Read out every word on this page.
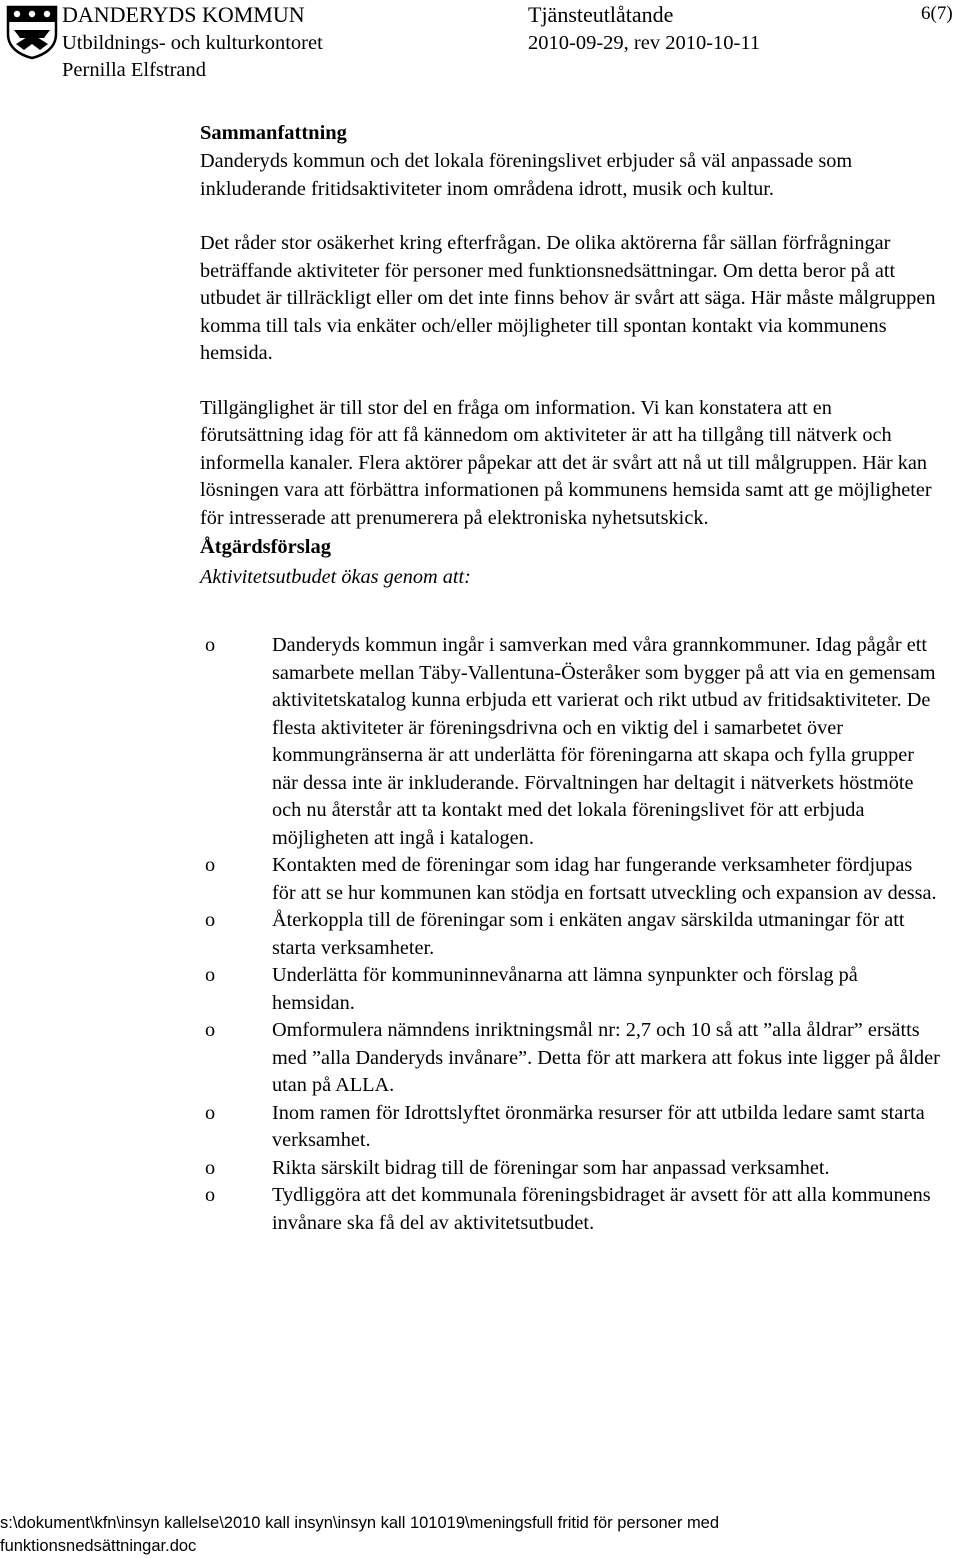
DANDERYDS KOMMUN
Utbildnings- och kulturkontoret
Pernilla Elfstrand
Tjänsteutlåtande
2010-09-29, rev 2010-10-11
6(7)

Sammanfattning

Danderyds kommun och det lokala föreningslivet erbjuder så väl anpassade som inkluderande fritidsaktiviteter inom områdena idrott, musik och kultur.

Det råder stor osäkerhet kring efterfrågan. De olika aktörerna får sällan förfrågningar beträffande aktiviteter för personer med funktionsnedsättningar. Om detta beror på att utbudet är tillräckligt eller om det inte finns behov är svårt att säga. Här måste målgruppen komma till tals via enkäter och/eller möjligheter till spontan kontakt via kommunens hemsida.

Tillgänglighet är till stor del en fråga om information. Vi kan konstatera att en förutsättning idag för att få kännedom om aktiviteter är att ha tillgång till nätverk och informella kanaler. Flera aktörer påpekar att det är svårt att nå ut till målgruppen. Här kan lösningen vara att förbättra informationen på kommunens hemsida samt att ge möjligheter för intresserade att prenumerera på elektroniska nyhetsutskick.

Åtgärdsförslag

Aktivitetsutbudet ökas genom att:

o	Danderyds kommun ingår i samverkan med våra grannkommuner. Idag pågår ett samarbete mellan Täby-Vallentuna-Österåker som bygger på att via en gemensam aktivitetskatalog kunna erbjuda ett varierat och rikt utbud av fritidsaktiviteter. De flesta aktiviteter är föreningsdrivna och en viktig del i samarbetet över kommungränserna är att underlätta för föreningarna att skapa och fylla grupper när dessa inte är inkluderande. Förvaltningen har deltagit i nätverkets höstmöte och nu återstår att ta kontakt med det lokala föreningslivet för att erbjuda möjligheten att ingå i katalogen.
o	Kontakten med de föreningar som idag har fungerande verksamheter fördjupas för att se hur kommunen kan stödja en fortsatt utveckling och expansion av dessa.
o	Återkoppla till de föreningar som i enkäten angav särskilda utmaningar för att starta verksamheter.
o	Underlätta för kommuninnevånarna att lämna synpunkter och förslag på hemsidan.
o	Omformulera nämndens inriktningsmål nr: 2,7 och 10 så att ”alla åldrar” ersätts med ”alla Danderyds invånare”. Detta för att markera att fokus inte ligger på ålder utan på ALLA.
o	Inom ramen för Idrottslyftet öronmärka resurser för att utbilda ledare samt starta verksamhet.
o	Rikta särskilt bidrag till de föreningar som har anpassad verksamhet.
o	Tydliggöra att det kommunala föreningsbidraget är avsett för att alla kommunens invånare ska få del av aktivitetsutbudet.
s:\dokument\kfn\insyn kallelse\2010 kall insyn\insyn kall 101019\meningsfull fritid för personer med
funktionsnedsättningar.doc
